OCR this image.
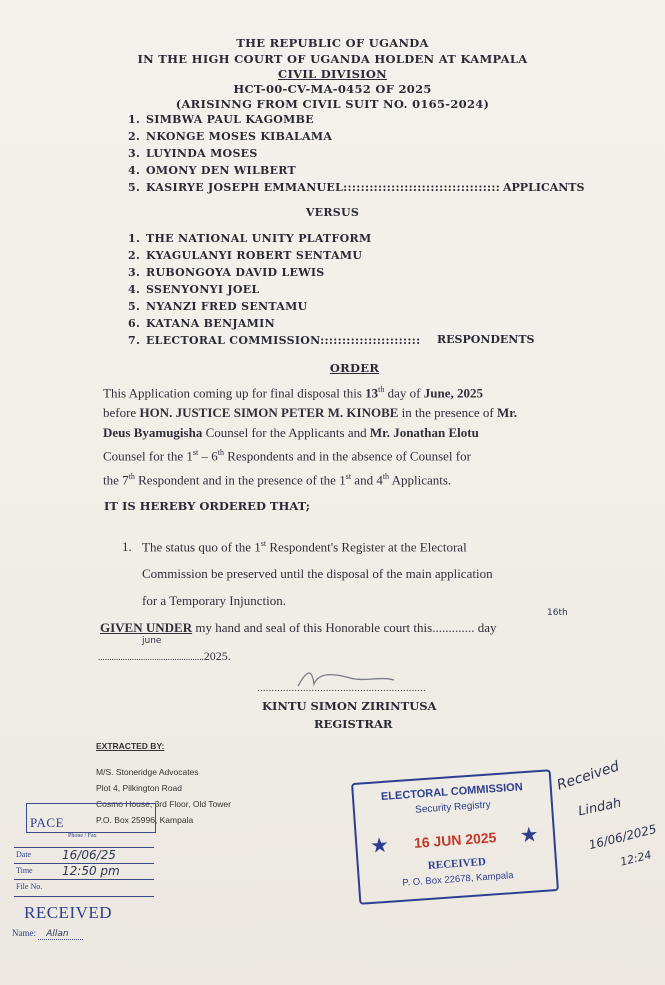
THE REPUBLIC OF UGANDA
IN THE HIGH COURT OF UGANDA HOLDEN AT KAMPALA
CIVIL DIVISION
HCT-00-CV-MA-0452 OF 2025
(ARISINNG FROM CIVIL SUIT NO. 0165-2024)
1. SIMBWA PAUL KAGOMBE
2. NKONGE MOSES KIBALAMA
3. LUYINDA MOSES
4. OMONY DEN WILBERT
5. KASIRYE JOSEPH EMMANUEL:::::::::::::::::::::::::::::::::::: APPLICANTS
VERSUS
1. THE NATIONAL UNITY PLATFORM
2. KYAGULANYI ROBERT SENTAMU
3. RUBONGOYA DAVID LEWIS
4. SSENYONYI JOEL
5. NYANZI FRED SENTAMU
6. KATANA BENJAMIN
7. ELECTORAL COMMISSION::::::::::::::::::::::: RESPONDENTS
ORDER
This Application coming up for final disposal this 13th day of June, 2025
before HON. JUSTICE SIMON PETER M. KINOBE in the presence of Mr.
Deus Byamugisha Counsel for the Applicants and Mr. Jonathan Elotu
Counsel for the 1st – 6th Respondents and in the absence of Counsel for
the 7th Respondent and in the presence of the 1st and 4th Applicants.
IT IS HEREBY ORDERED THAT;
1. The status quo of the 1st Respondent's Register at the Electoral
Commission be preserved until the disposal of the main application
for a Temporary Injunction.
GIVEN UNDER my hand and seal of this Honorable court this............. day
16th
june
...............................................2025.
...........................................................
KINTU SIMON ZIRINTUSA
REGISTRAR
EXTRACTED BY:
M/S. Stoneridge Advocates
Plot 4, Pilkington Road
Cosmo House, 3rd Floor, Old Tower
P.O. Box 25996, Kampala
PACE
Phone / Fax
Date	16/06/25
Time 12:50 pm
File No.
RECEIVED
Name: Allan
ELECTORAL COMMISSION
Security Registry
★	16 JUN 2025	★
RECEIVED
P. O. Box 22678, Kampala
Received
Lindah
16/06/2025
12:24
